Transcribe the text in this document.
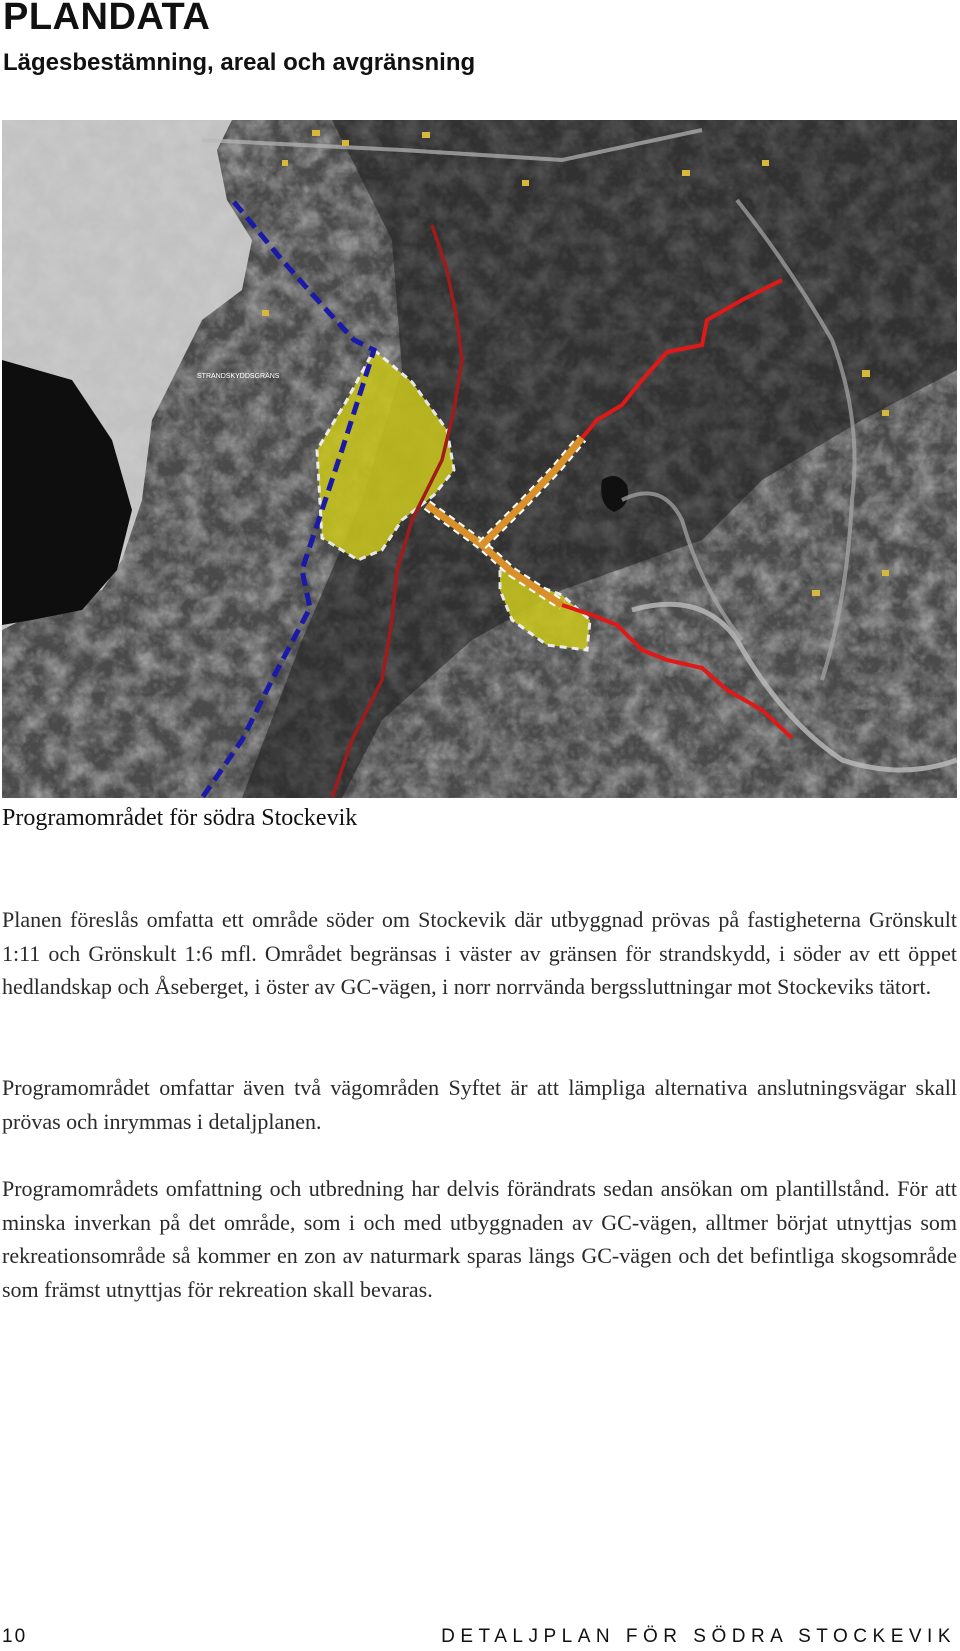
PLANDATA
Lägesbestämning, areal och avgränsning
STRANDSKYDDSGRÄNS
Programområdet för södra Stockevik

Planen föreslås omfatta ett område söder om Stockevik där utbyggnad prövas på fastigheterna Grönskult 1:11 och Grönskult 1:6 mfl. Området begränsas i väster av gränsen för strandskydd, i söder av ett öppet hedlandskap och Åseberget, i öster av GC-vägen, i norr norrvända bergssluttningar mot Stockeviks tätort.

Programområdet omfattar även två vägområden Syftet är att lämpliga alternativa anslutningsvägar skall prövas och inrymmas i detaljplanen.

Programområdets omfattning och utbredning har delvis förändrats sedan ansökan om plantillstånd. För att minska inverkan på det område, som i och med utbyggnaden av GC-vägen, alltmer börjat utnyttjas som rekreationsområde så kommer en zon av naturmark sparas längs GC-vägen och det befintliga skogsområde som främst utnyttjas för rekreation skall bevaras.

10	DETALJPLAN FÖR SÖDRA STOCKEVIK
